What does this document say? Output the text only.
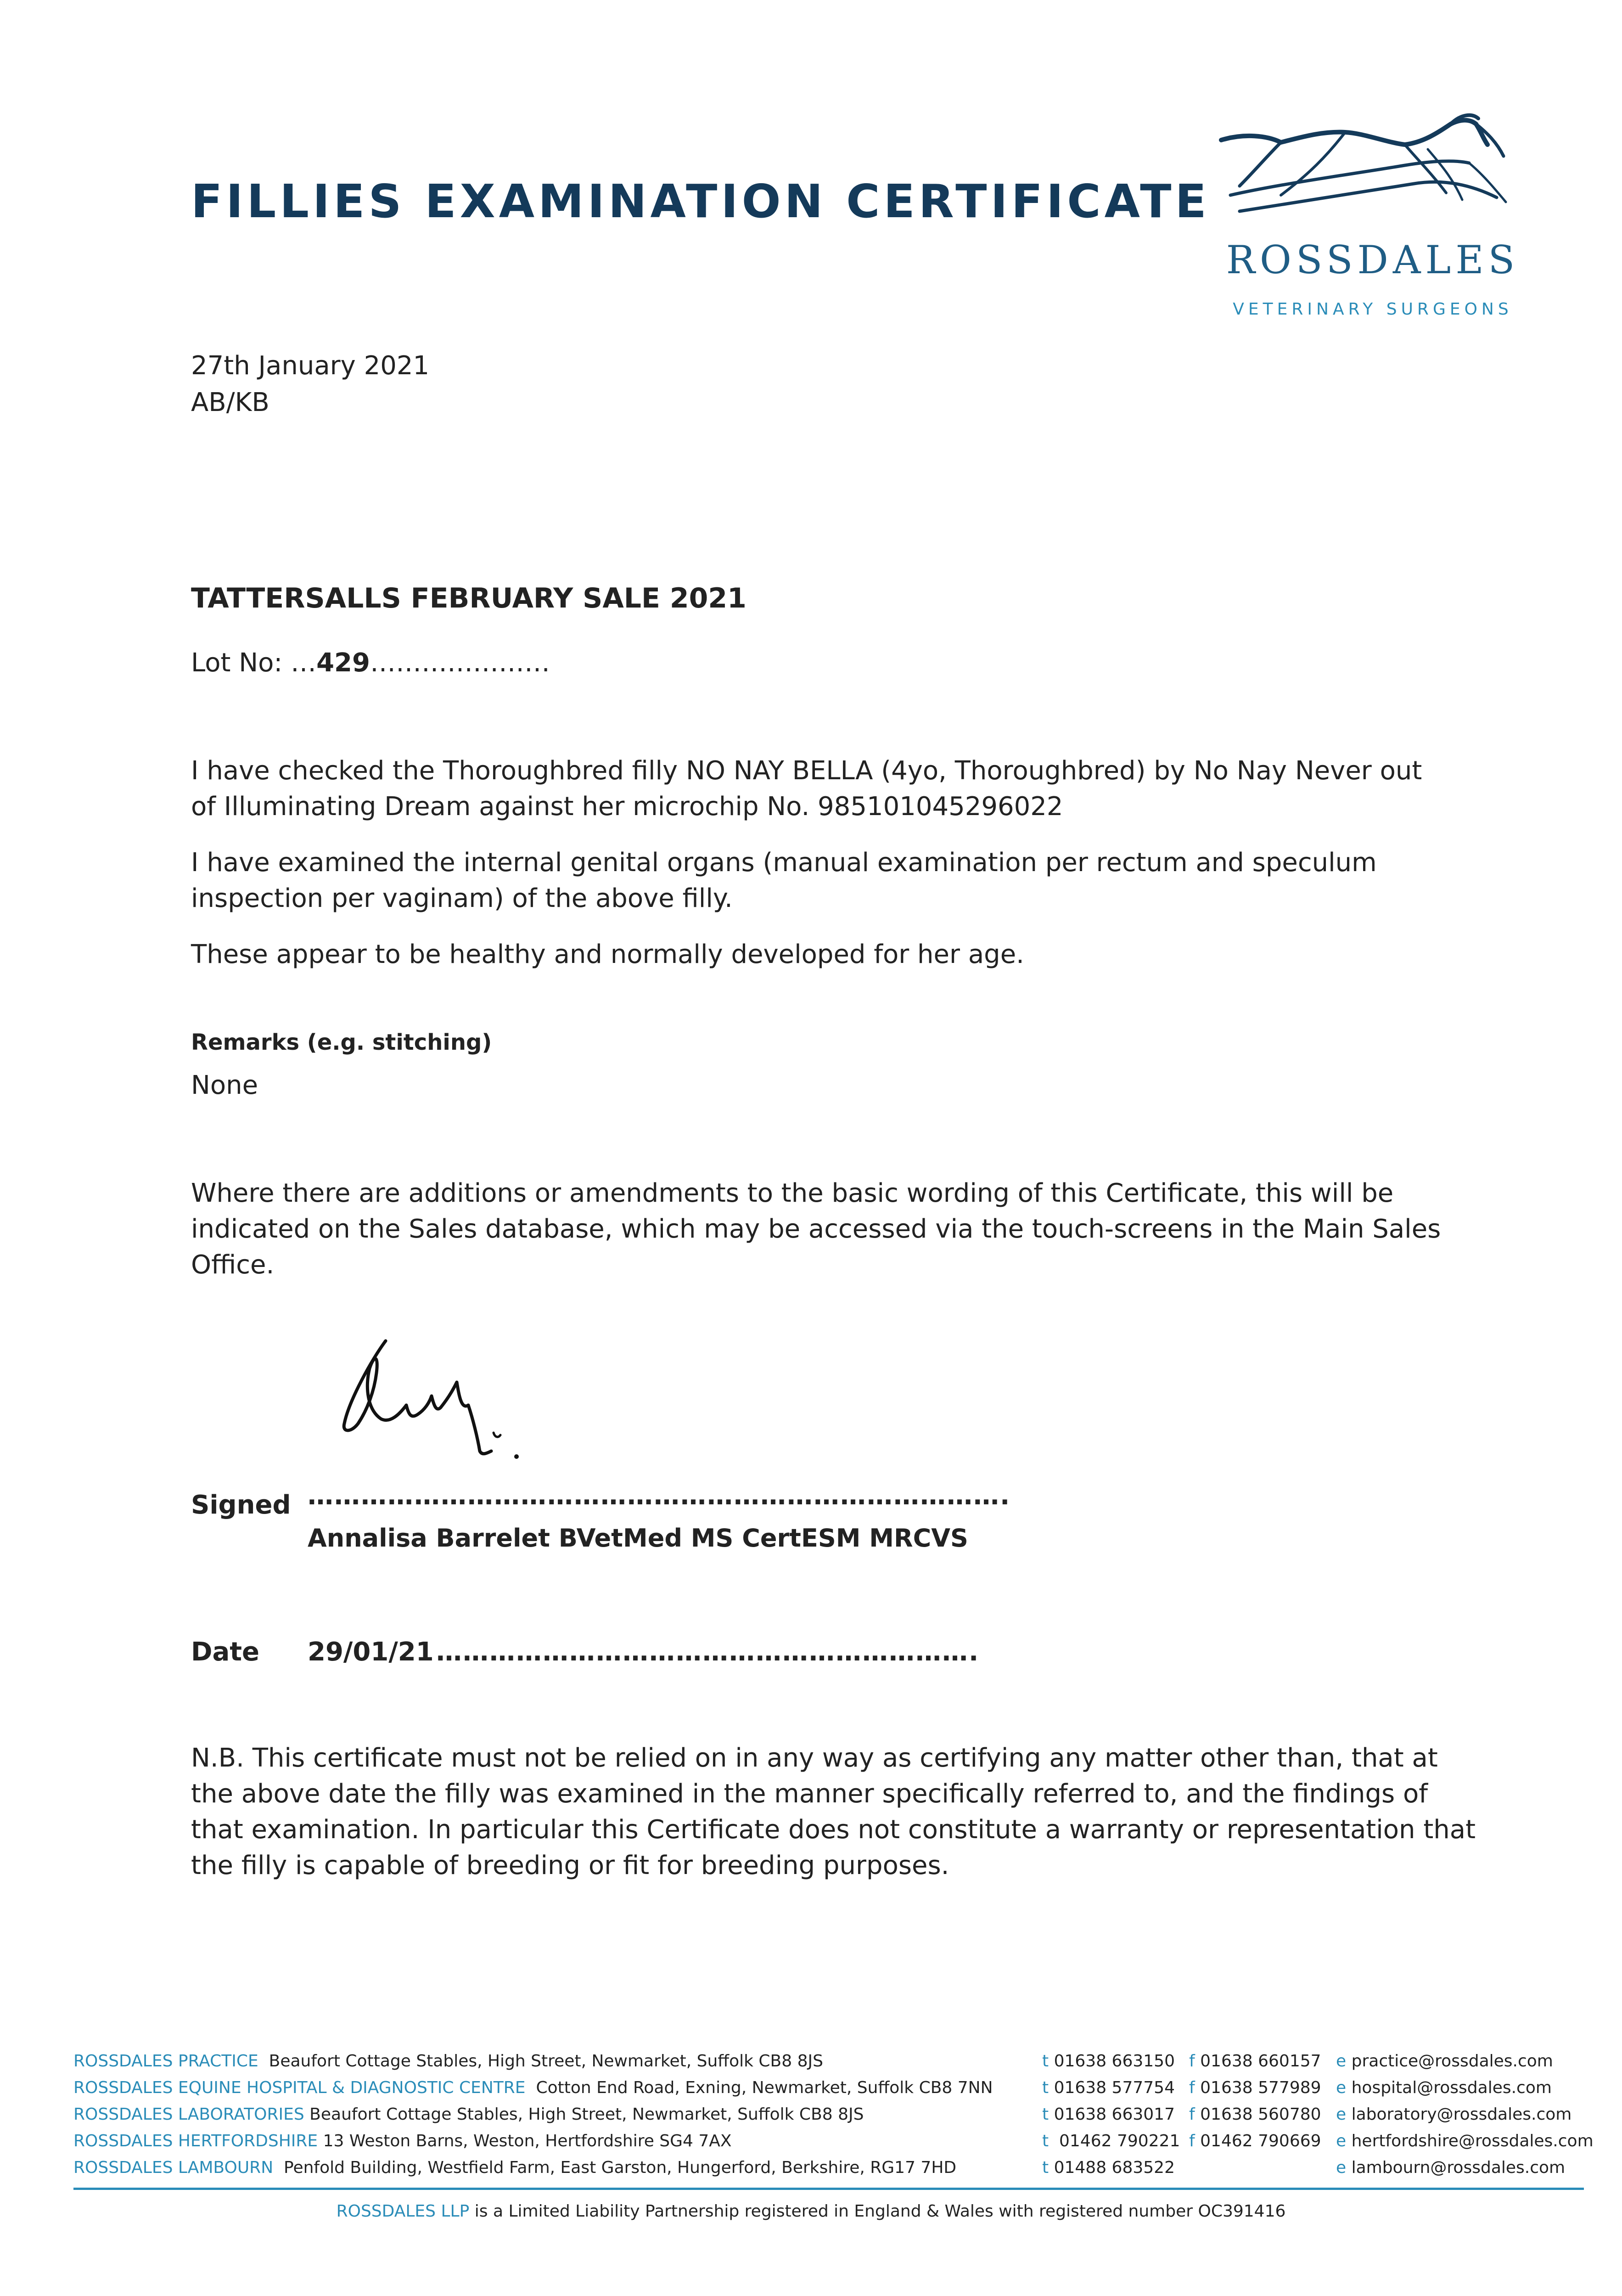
FILLIES EXAMINATION CERTIFICATE
ROSSDALES
VETERINARY SURGEONS
27th January 2021
AB/KB
TATTERSALLS FEBRUARY SALE 2021
Lot No: …429…………………

I have checked the Thoroughbred filly NO NAY BELLA (4yo, Thoroughbred) by No Nay Never out of Illuminating Dream against her microchip No. 985101045296022

I have examined the internal genital organs (manual examination per rectum and speculum inspection per vaginam) of the above filly.

These appear to be healthy and normally developed for her age.

Remarks (e.g. stitching)
None

Where there are additions or amendments to the basic wording of this Certificate, this will be indicated on the Sales database, which may be accessed via the touch-screens in the Main Sales Office.

Signed …………………………………………………………………….
Annalisa Barrelet BVetMed MS CertESM MRCVS
Date 29/01/21 …………………………………………………….

N.B. This certificate must not be relied on in any way as certifying any matter other than, that at the above date the filly was examined in the manner specifically referred to, and the findings of that examination. In particular this Certificate does not constitute a warranty or representation that the filly is capable of breeding or fit for breeding purposes.

ROSSDALES PRACTICE Beaufort Cottage Stables, High Street, Newmarket, Suffolk CB8 8JS	t 01638 663150 f 01638 660157 e practice@rossdales.com
ROSSDALES EQUINE HOSPITAL & DIAGNOSTIC CENTRE Cotton End Road, Exning, Newmarket, Suffolk CB8 7NN	t 01638 577754 f 01638 577989 e hospital@rossdales.com
ROSSDALES LABORATORIES Beaufort Cottage Stables, High Street, Newmarket, Suffolk CB8 8JS	t 01638 663017 f 01638 560780 e laboratory@rossdales.com
ROSSDALES HERTFORDSHIRE 13 Weston Barns, Weston, Hertfordshire SG4 7AX	t 01462 790221 f 01462 790669 e hertfordshire@rossdales.com
ROSSDALES LAMBOURN Penfold Building, Westfield Farm, East Garston, Hungerford, Berkshire, RG17 7HD	t 01488 683522	e lambourn@rossdales.com
ROSSDALES LLP is a Limited Liability Partnership registered in England & Wales with registered number OC391416
